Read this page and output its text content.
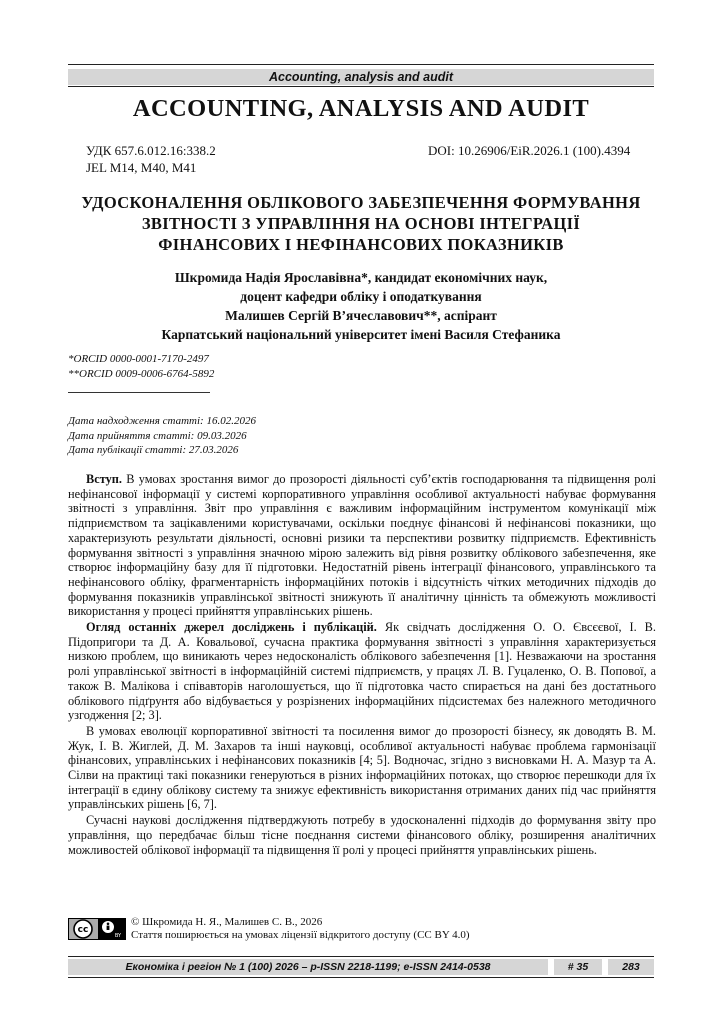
Accounting, analysis and audit
ACCOUNTING, ANALYSIS AND AUDIT
УДК 657.6.012.16:338.2
JEL M14, M40, M41
DOI: 10.26906/EiR.2026.1 (100).4394
УДОСКОНАЛЕННЯ ОБЛІКОВОГО ЗАБЕЗПЕЧЕННЯ ФОРМУВАННЯ
ЗВІТНОСТІ З УПРАВЛІННЯ НА ОСНОВІ ІНТЕГРАЦІЇ
ФІНАНСОВИХ І НЕФІНАНСОВИХ ПОКАЗНИКІВ
Шкромида Надія Ярославівна*, кандидат економічних наук,
доцент кафедри обліку і оподаткування
Малишев Сергій В’ячеславович**, аспірант
Карпатський національний університет імені Василя Стефаника
*ORCID 0000-0001-7170-2497
**ORCID 0009-0006-6764-5892
Дата надходження статті: 16.02.2026
Дата прийняття статті: 09.03.2026
Дата публікації статті: 27.03.2026

Вступ. В умовах зростання вимог до прозорості діяльності суб’єктів господарювання та підвищення ролі нефінансової інформації у системі корпоративного управління особливої актуальності набуває формування звітності з управління. Звіт про управління є важливим інформаційним інструментом комунікації між підприємством та зацікавленими користувачами, оскільки поєднує фінансові й нефінансові показники, що характеризують результати діяльності, основні ризики та перспективи розвитку підприємств. Ефективність формування звітності з управління значною мірою залежить від рівня розвитку облікового забезпечення, яке створює інформаційну базу для її підготовки. Недостатній рівень інтеграції фінансового, управлінського та нефінансового обліку, фрагментарність інформаційних потоків і відсутність чітких методичних підходів до формування показників управлінської звітності знижують її аналітичну цінність та обмежують можливості використання у процесі прийняття управлінських рішень.

Огляд останніх джерел досліджень і публікацій. Як свідчать дослідження О. О. Євсєєвої, І. В. Підопригори та Д. А. Ковальової, сучасна практика формування звітності з управління характеризується низкою проблем, що виникають через недосконалість облікового забезпечення [1]. Незважаючи на зростання ролі управлінської звітності в інформаційній системі підприємств, у працях Л. В. Гуцаленко, О. В. Попової, а також В. Малікова і співавторів наголошується, що її підготовка часто спирається на дані без достатнього облікового підґрунтя або відбувається у розрізнених інформаційних підсистемах без належного методичного узгодження [2; 3].

В умовах еволюції корпоративної звітності та посилення вимог до прозорості бізнесу, як доводять В. М. Жук, І. В. Жиглей, Д. М. Захаров та інші науковці, особливої актуальності набуває проблема гармонізації фінансових, управлінських і нефінансових показників [4; 5]. Водночас, згідно з висновками Н. А. Мазур та А. Сілви на практиці такі показники генеруються в різних інформаційних потоках, що створює перешкоди для їх інтеграції в єдину облікову систему та знижує ефективність використання отриманих даних під час прийняття управлінських рішень [6, 7].

Сучасні наукові дослідження підтверджують потребу в удосконаленні підходів до формування звіту про управління, що передбачає більш тісне поєднання системи фінансового обліку, розширення аналітичних можливостей облікової інформації та підвищення її ролі у процесі прийняття управлінських рішень.

cc
BY
© Шкромида Н. Я., Малишев С. В., 2026
Стаття поширюється на умовах ліцензії відкритого доступу (CC BY 4.0)
Економіка і регіон № 1 (100) 2026 – p-ISSN 2218-1199; e-ISSN 2414-0538	# 35	283
